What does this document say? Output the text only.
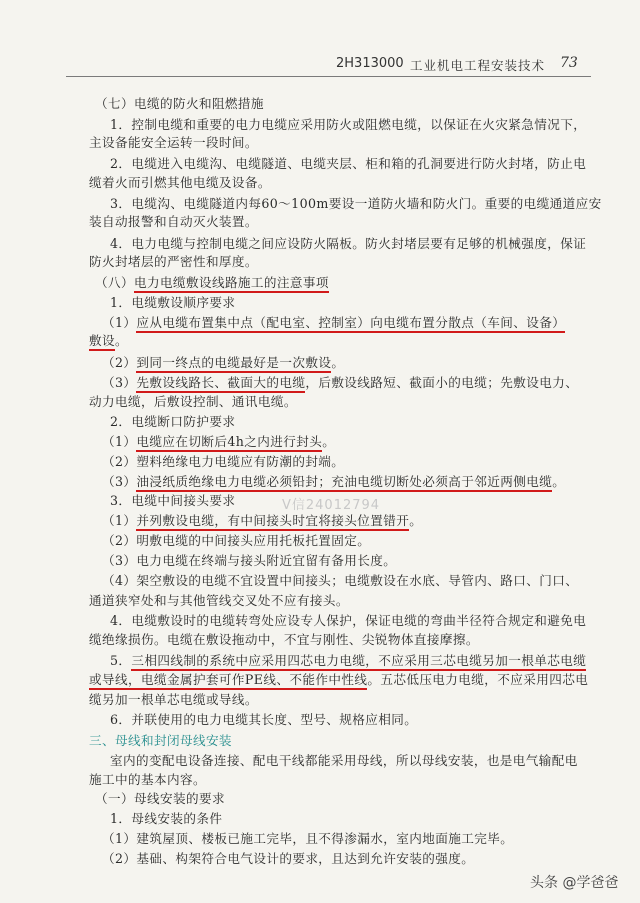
2H313000 工业机电工程安装技术 73
（七）电缆的防火和阻燃措施
1．控制电缆和重要的电力电缆应采用防火或阻燃电缆，以保证在火灾紧急情况下，
主设备能安全运转一段时间。
2．电缆进入电缆沟、电缆隧道、电缆夹层、柜和箱的孔洞要进行防火封堵，防止电
缆着火而引燃其他电缆及设备。
3．电缆沟、电缆隧道内每60～100m要设一道防火墙和防火门。重要的电缆通道应安
装自动报警和自动灭火装置。
4．电力电缆与控制电缆之间应设防火隔板。防火封堵层要有足够的机械强度，保证
防火封堵层的严密性和厚度。
（八）电力电缆敷设线路施工的注意事项
1．电缆敷设顺序要求
（1）应从电缆布置集中点（配电室、控制室）向电缆布置分散点（车间、设备）
敷设。
（2）到同一终点的电缆最好是一次敷设。
（3）先敷设线路长、截面大的电缆，后敷设线路短、截面小的电缆；先敷设电力、
动力电缆，后敷设控制、通讯电缆。
2．电缆断口防护要求
（1）电缆应在切断后4h之内进行封头。
（2）塑料绝缘电力电缆应有防潮的封端。
（3）油浸纸质绝缘电力电缆必须铅封；充油电缆切断处必须高于邻近两侧电缆。
3．电缆中间接头要求
（1）并列敷设电缆，有中间接头时宜将接头位置错开。
（2）明敷电缆的中间接头应用托板托置固定。
（3）电力电缆在终端与接头附近宜留有备用长度。
（4）架空敷设的电缆不宜设置中间接头；电缆敷设在水底、导管内、路口、门口、
通道狭窄处和与其他管线交叉处不应有接头。
4．电缆敷设时的电缆转弯处应设专人保护，保证电缆的弯曲半径符合规定和避免电
缆绝缘损伤。电缆在敷设拖动中，不宜与刚性、尖锐物体直接摩擦。
5．三相四线制的系统中应采用四芯电力电缆，不应采用三芯电缆另加一根单芯电缆
或导线，电缆金属护套可作PE线、不能作中性线。五芯低压电力电缆，不应采用四芯电
缆另加一根单芯电缆或导线。
6．并联使用的电力电缆其长度、型号、规格应相同。
三、母线和封闭母线安装
室内的变配电设备连接、配电干线都能采用母线，所以母线安装，也是电气输配电
施工中的基本内容。
（一）母线安装的要求
1．母线安装的条件
（1）建筑屋顶、楼板已施工完毕，且不得渗漏水，室内地面施工完毕。
（2）基础、构架符合电气设计的要求，且达到允许安装的强度。
V信24012794
头条 @学爸爸
